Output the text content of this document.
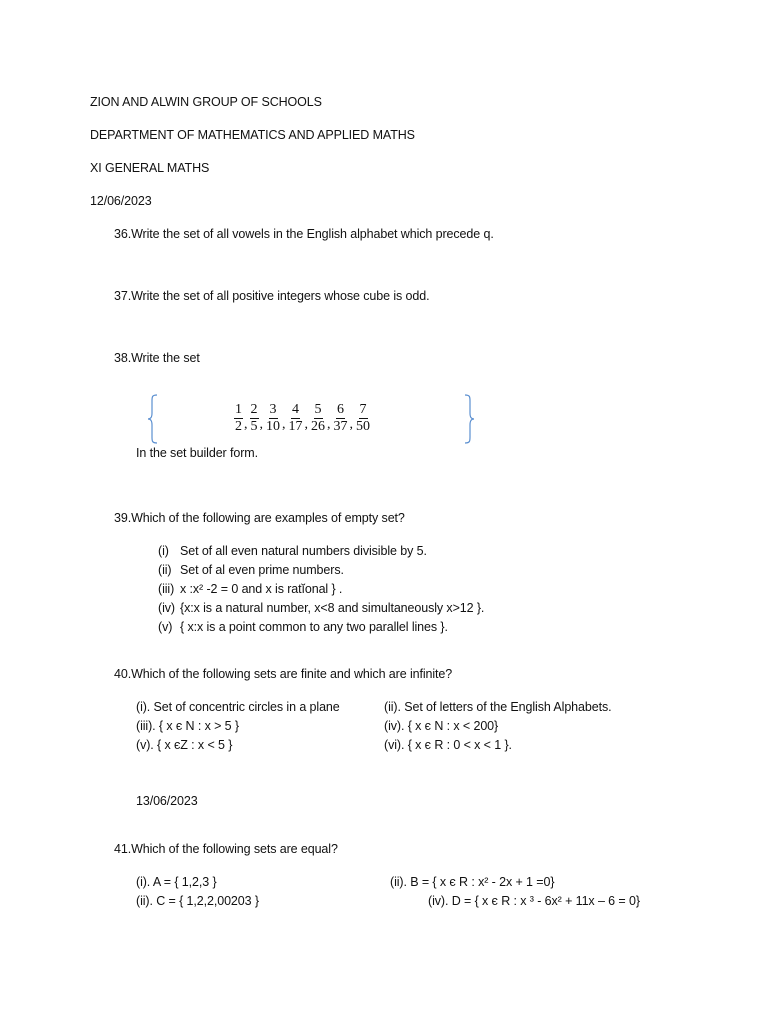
ZION AND ALWIN GROUP OF SCHOOLS
DEPARTMENT OF MATHEMATICS AND APPLIED MATHS
XI GENERAL MATHS
12/06/2023
36.Write the set of all vowels in the English alphabet which precede q.
37.Write the set of all positive integers whose cube is odd.
38.Write the set
$\frac{1}{2}$ , $\frac{2}{5}$ , $\frac{3}{10}$ , $\frac{4}{17}$ , $\frac{5}{26}$ , $\frac{6}{37}$ , $\frac{7}{50}$
In the set builder form.
39.Which of the following are examples of empty set?
(i) Set of all even natural numbers divisible by 5.
(ii) Set of al even prime numbers.
(iii) x :x² -2 = 0 and x is ratĭonal } .
(iv) {x:x is a natural number, x<8 and simultaneously x>12 }.
(v) { x:x is a point common to any two parallel lines }.
40.Which of the following sets are finite and which are infinite?
(i). Set of concentric circles in a plane	(ii). Set of letters of the English Alphabets.
(iii). { x є N : x > 5 }	(iv). { x є N : x < 200}
(v). { x єZ : x < 5 }	(vi). { x є R : 0 < x < 1 }.
13/06/2023
41.Which of the following sets are equal?
(i). A = { 1,2,3 }	(ii). B = { x є R : x² - 2x + 1 =0}
(ii). C = { 1,2,2,00203 }	(iv). D = { x є R : x ³ - 6x² + 11x – 6 = 0}
